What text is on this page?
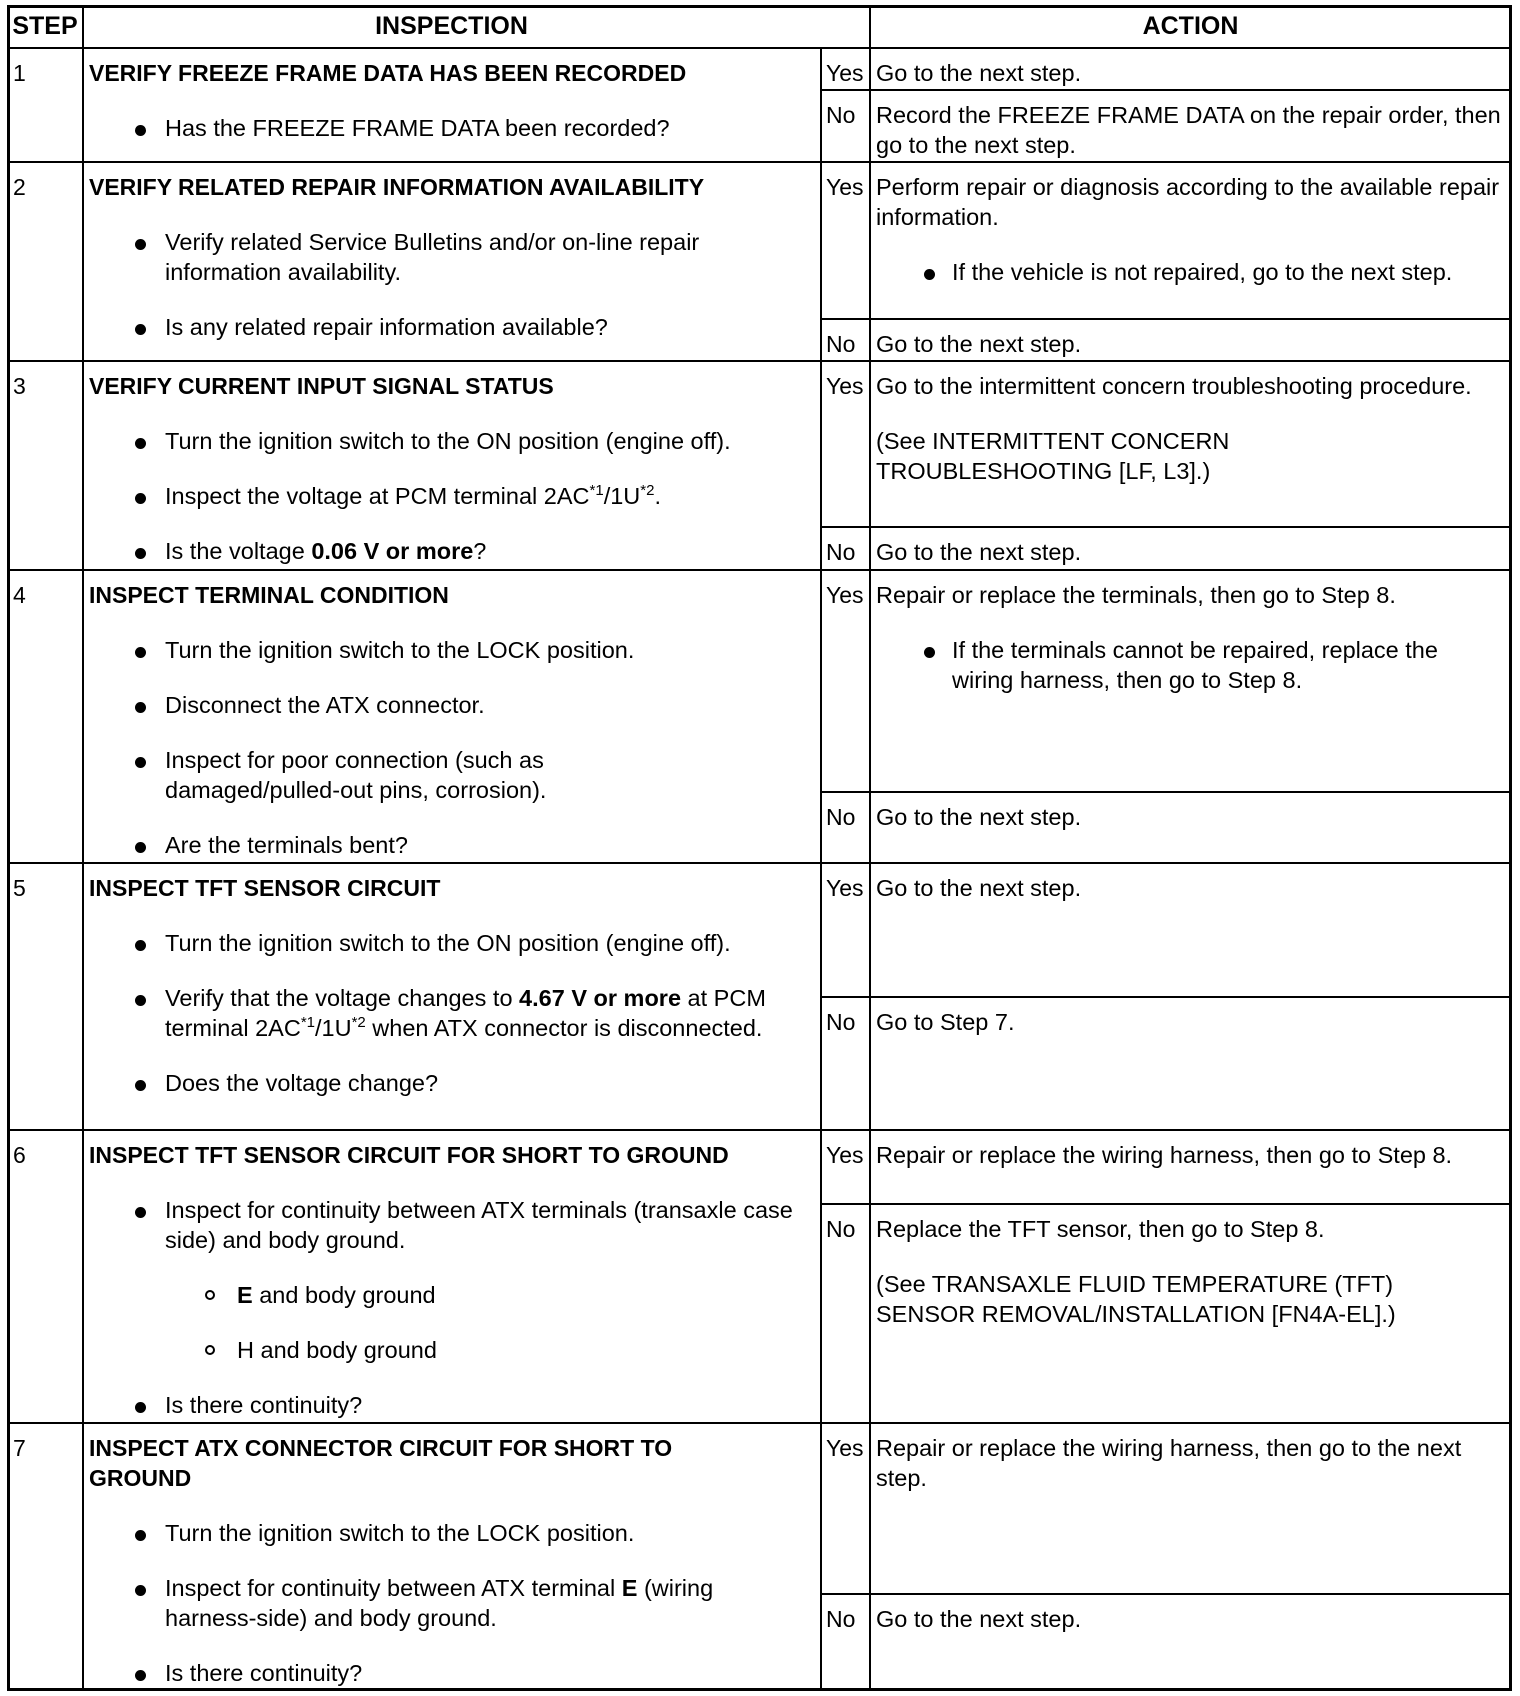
STEP	INSPECTION	ACTION
1	VERIFY FREEZE FRAME DATA HAS BEEN RECORDED
Has the FREEZE FRAME DATA been recorded?
Yes Go to the next step.
No Record the FREEZE FRAME DATA on the repair order, then go to the next step.
2	VERIFY RELATED REPAIR INFORMATION AVAILABILITY
Verify related Service Bulletins and/or on-line repair information availability.
Is any related repair information available?
Yes Perform repair or diagnosis according to the available repair information.
If the vehicle is not repaired, go to the next step.
No Go to the next step.
3	VERIFY CURRENT INPUT SIGNAL STATUS
Turn the ignition switch to the ON position (engine off).
Inspect the voltage at PCM terminal $2AC^{*1}/1U^{*2}$.
Is the voltage 0.06 V or more?
Yes Go to the intermittent concern troubleshooting procedure.
(See INTERMITTENT CONCERN TROUBLESHOOTING [LF, L3].)
No Go to the next step.
4	INSPECT TERMINAL CONDITION
Turn the ignition switch to the LOCK position.
Disconnect the ATX connector.
Inspect for poor connection (such as damaged/pulled-out pins, corrosion).
Are the terminals bent?
Yes Repair or replace the terminals, then go to Step 8.
If the terminals cannot be repaired, replace the wiring harness, then go to Step 8.
No Go to the next step.
5	INSPECT TFT SENSOR CIRCUIT
Turn the ignition switch to the ON position (engine off).
Verify that the voltage changes to 4.67 V or more at PCM terminal $2AC^{*1}/1U^{*2}$ when ATX connector is disconnected.
Does the voltage change?
Yes Go to the next step.
No Go to Step 7.
6	INSPECT TFT SENSOR CIRCUIT FOR SHORT TO GROUND
Inspect for continuity between ATX terminals (transaxle case side) and body ground.
E and body ground
H and body ground
Is there continuity?
Yes Repair or replace the wiring harness, then go to Step 8.
No Replace the TFT sensor, then go to Step 8.
(See TRANSAXLE FLUID TEMPERATURE (TFT) SENSOR REMOVAL/INSTALLATION [FN4A-EL].)
7	INSPECT ATX CONNECTOR CIRCUIT FOR SHORT TO GROUND
Turn the ignition switch to the LOCK position.
Inspect for continuity between ATX terminal E (wiring harness-side) and body ground.
Is there continuity?
Yes Repair or replace the wiring harness, then go to the next step.
No Go to the next step.
